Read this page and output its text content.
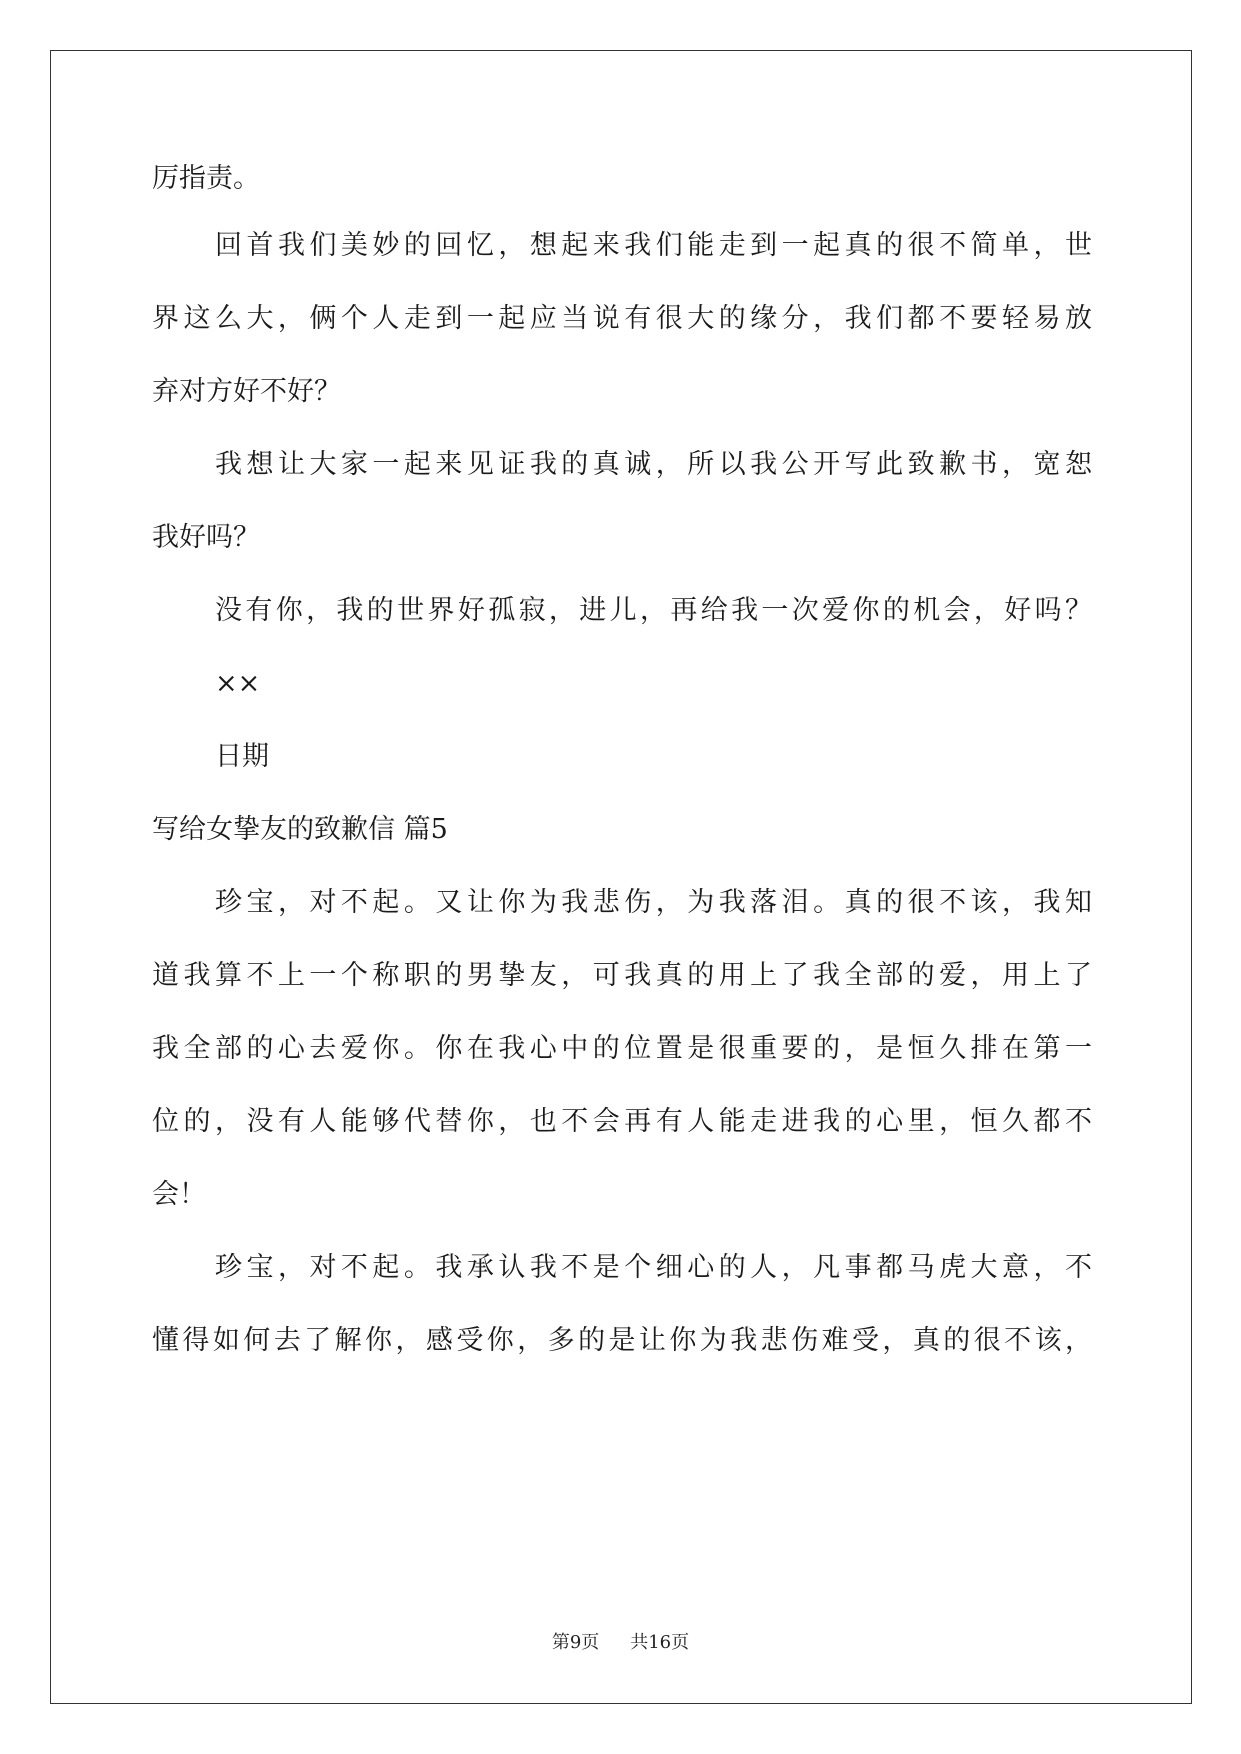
厉指责。
回首我们美妙的回忆，想起来我们能走到一起真的很不简单，世
界这么大，俩个人走到一起应当说有很大的缘分，我们都不要轻易放
弃对方好不好？
我想让大家一起来见证我的真诚，所以我公开写此致歉书，宽恕
我好吗？
没有你，我的世界好孤寂，进儿，再给我一次爱你的机会，好吗？
××
日期
写给女挚友的致歉信 篇5
珍宝，对不起。又让你为我悲伤，为我落泪。真的很不该，我知
道我算不上一个称职的男挚友，可我真的用上了我全部的爱，用上了
我全部的心去爱你。你在我心中的位置是很重要的，是恒久排在第一
位的，没有人能够代替你，也不会再有人能走进我的心里，恒久都不
会！
珍宝，对不起。我承认我不是个细心的人，凡事都马虎大意，不
懂得如何去了解你，感受你，多的是让你为我悲伤难受，真的很不该，
第9页 共16页
